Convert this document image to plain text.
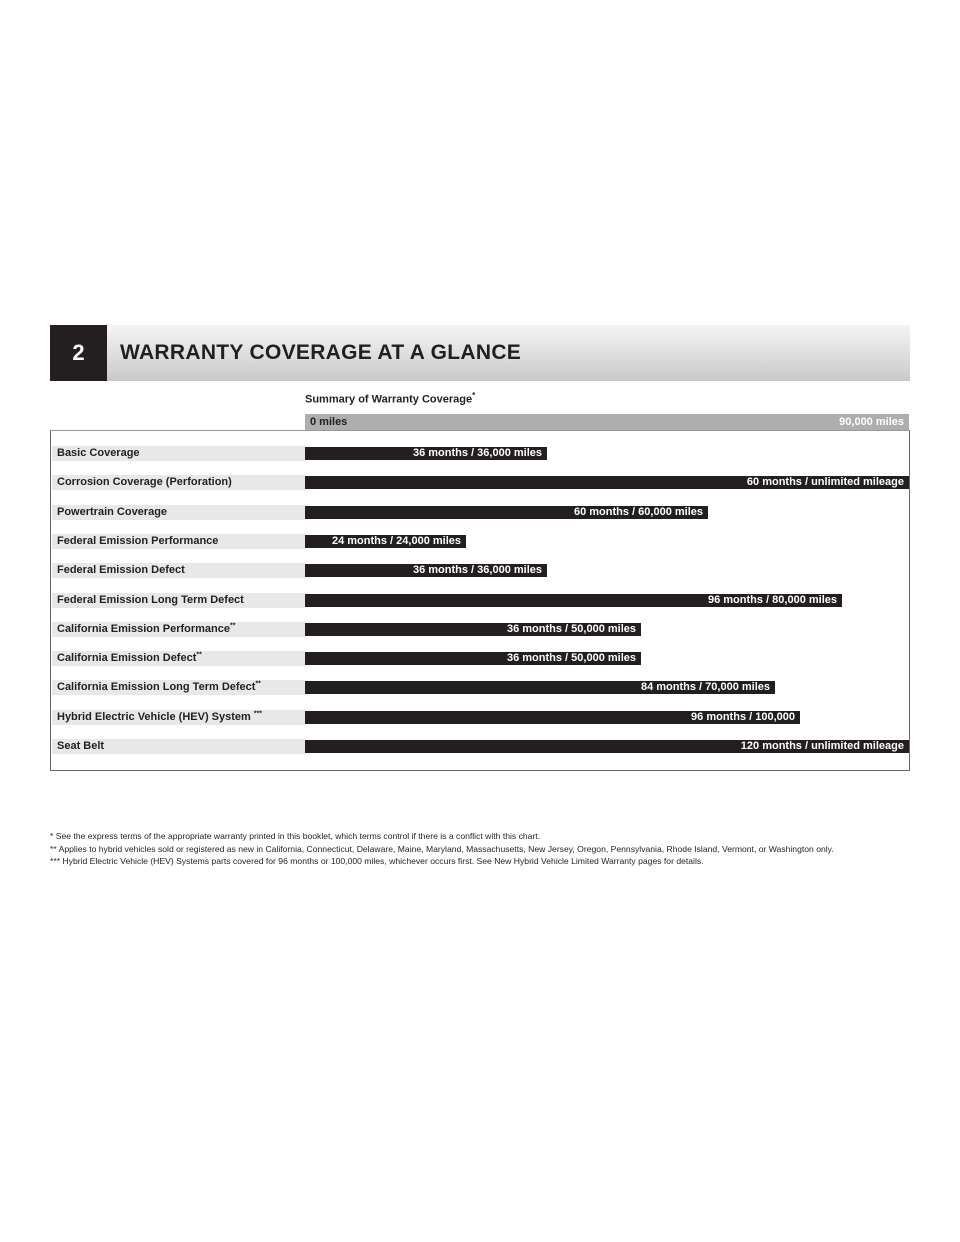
2	WARRANTY COVERAGE AT A GLANCE
Summary of Warranty Coverage*
0 miles	90,000 miles
Basic Coverage	36 months / 36,000 miles
Corrosion Coverage (Perforation)	60 months / unlimited mileage
Powertrain Coverage	60 months / 60,000 miles
Federal Emission Performance	24 months / 24,000 miles
Federal Emission Defect	36 months / 36,000 miles
Federal Emission Long Term Defect	96 months / 80,000 miles
California Emission Performance**	36 months / 50,000 miles
California Emission Defect**	36 months / 50,000 miles
California Emission Long Term Defect**	84 months / 70,000 miles
Hybrid Electric Vehicle (HEV) System ***	96 months / 100,000
Seat Belt	120 months / unlimited mileage
* See the express terms of the appropriate warranty printed in this booklet, which terms control if there is a conflict with this chart.
** Applies to hybrid vehicles sold or registered as new in California, Connecticut, Delaware, Maine, Maryland, Massachusetts, New Jersey, Oregon, Pennsylvania, Rhode Island, Vermont, or Washington only.
*** Hybrid Electric Vehicle (HEV) Systems parts covered for 96 months or 100,000 miles, whichever occurs first. See New Hybrid Vehicle Limited Warranty pages for details.
